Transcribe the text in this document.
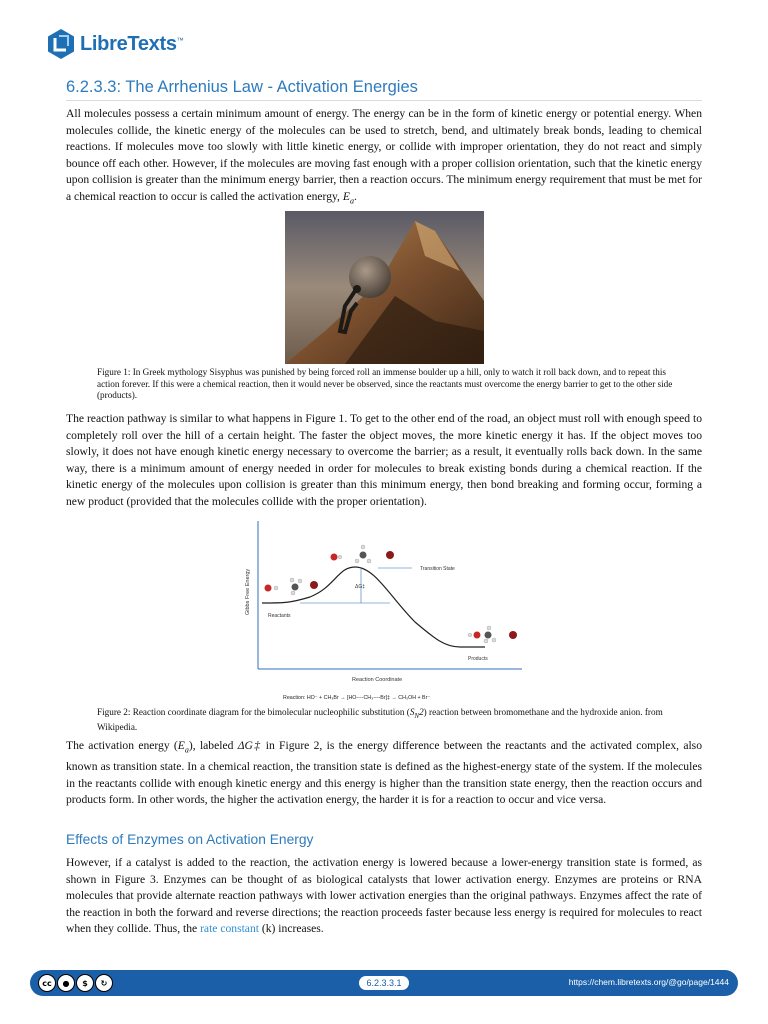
LibreTexts™
6.2.3.3: The Arrhenius Law - Activation Energies

All molecules possess a certain minimum amount of energy. The energy can be in the form of kinetic energy or potential energy. When molecules collide, the kinetic energy of the molecules can be used to stretch, bend, and ultimately break bonds, leading to chemical reactions. If molecules move too slowly with little kinetic energy, or collide with improper orientation, they do not react and simply bounce off each other. However, if the molecules are moving fast enough with a proper collision orientation, such that the kinetic energy upon collision is greater than the minimum energy barrier, then a reaction occurs. The minimum energy requirement that must be met for a chemical reaction to occur is called the activation energy, $E_a$.

Figure 1: In Greek mythology Sisyphus was punished by being forced roll an immense boulder up a hill, only to watch it roll back down, and to repeat this action forever. If this were a chemical reaction, then it would never be observed, since the reactants must overcome the energy barrier to get to the other side (products).

The reaction pathway is similar to what happens in Figure 1. To get to the other end of the road, an object must roll with enough speed to completely roll over the hill of a certain height. The faster the object moves, the more kinetic energy it has. If the object moves too slowly, it does not have enough kinetic energy necessary to overcome the barrier; as a result, it eventually rolls back down. In the same way, there is a minimum amount of energy needed in order for molecules to break existing bonds during a chemical reaction. If the kinetic energy of the molecules upon collision is greater than this minimum energy, then bond breaking and forming occur, forming a new product (provided that the molecules collide with the proper orientation).

Gibbs Free Energy
Reaction Coordinate
ΔG‡
Transition State
Reactants
Products
Reaction: HO⁻ + CH₃Br → [HO----CH₃----Br]‡ → CH₃OH + Br⁻

Figure 2: Reaction coordinate diagram for the bimolecular nucleophilic substitution $(S_N2)$ reaction between bromomethane and the hydroxide anion. from Wikipedia.

The activation energy $(E_a)$, labeled ΔG‡ in Figure 2, is the energy difference between the reactants and the activated complex, also known as transition state. In a chemical reaction, the transition state is defined as the highest-energy state of the system. If the molecules in the reactants collide with enough kinetic energy and this energy is higher than the transition state energy, then the reaction occurs and products form. In other words, the higher the activation energy, the harder it is for a reaction to occur and vice versa.

Effects of Enzymes on Activation Energy

However, if a catalyst is added to the reaction, the activation energy is lowered because a lower-energy transition state is formed, as shown in Figure 3. Enzymes can be thought of as biological catalysts that lower activation energy. Enzymes are proteins or RNA molecules that provide alternate reaction pathways with lower activation energies than the original pathways. Enzymes affect the rate of the reaction in both the forward and reverse directions; the reaction proceeds faster because less energy is required for molecules to react when they collide. Thus, the rate constant (k) increases.

cc	●	$	↻	6.2.3.3.1	https://chem.libretexts.org/@go/page/1444
